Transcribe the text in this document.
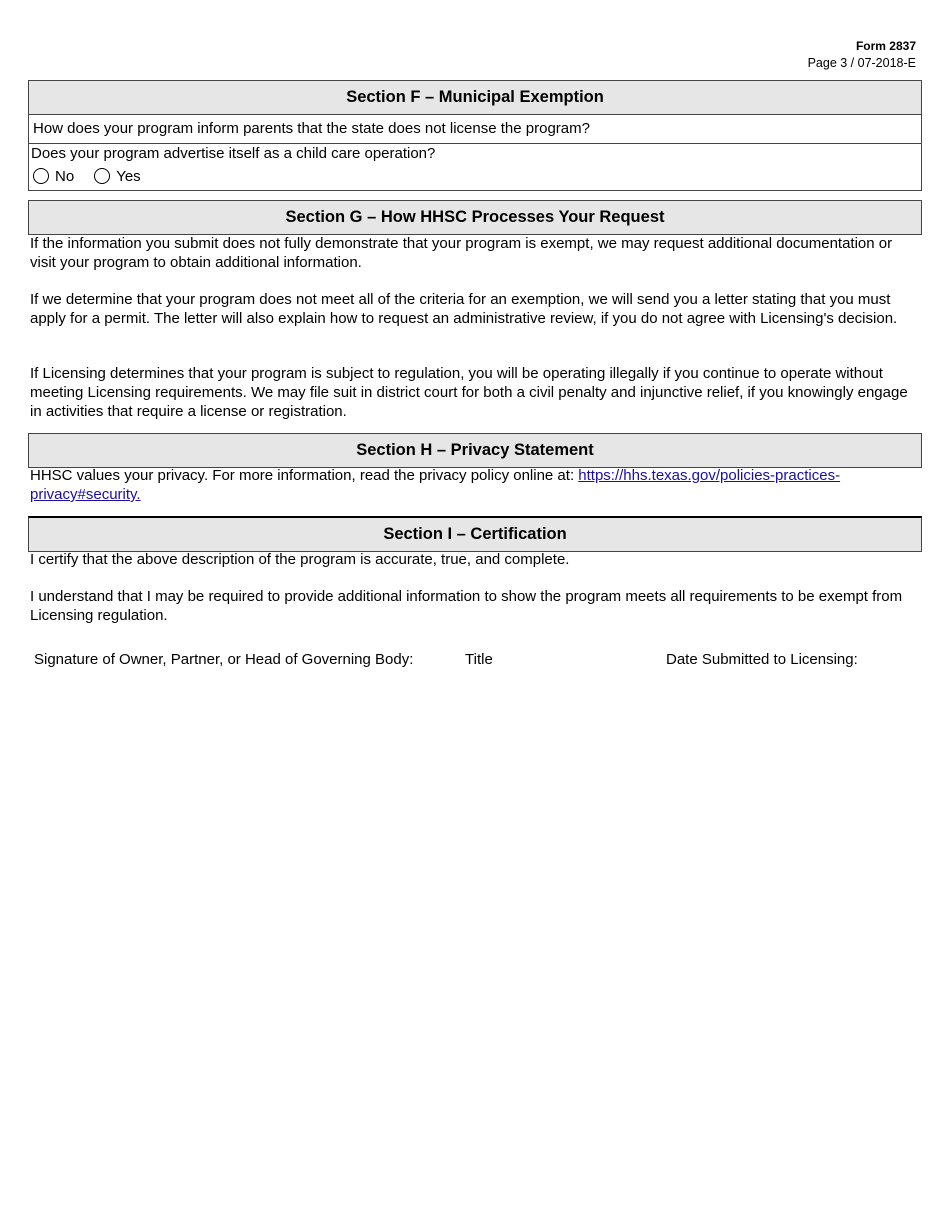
Form 2837
Page 3 / 07-2018-E
Section F – Municipal Exemption
How does your program inform parents that the state does not license the program?
Does your program advertise itself as a child care operation?
No	Yes
Section G – How HHSC Processes Your Request
If the information you submit does not fully demonstrate that your program is exempt, we may request additional documentation or visit your program to obtain additional information.
If we determine that your program does not meet all of the criteria for an exemption, we will send you a letter stating that you must apply for a permit. The letter will also explain how to request an administrative review, if you do not agree with Licensing's decision.
If Licensing determines that your program is subject to regulation, you will be operating illegally if you continue to operate without meeting Licensing requirements. We may file suit in district court for both a civil penalty and injunctive relief, if you knowingly engage in activities that require a license or registration.
Section H – Privacy Statement
HHSC values your privacy. For more information, read the privacy policy online at: https://hhs.texas.gov/policies-practices-privacy#security.
Section I – Certification
I certify that the above description of the program is accurate, true, and complete.
I understand that I may be required to provide additional information to show the program meets all requirements to be exempt from Licensing regulation.
Signature of Owner, Partner, or Head of Governing Body:	Title	Date Submitted to Licensing:
